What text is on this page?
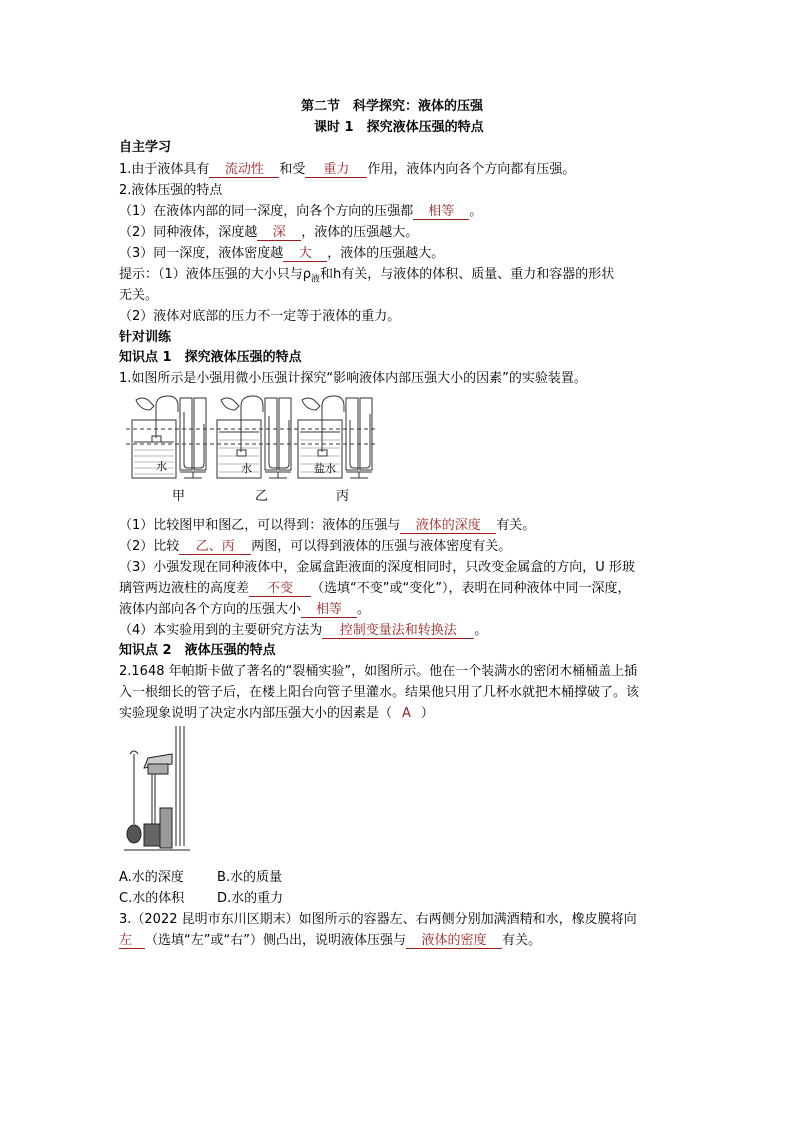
第二节　科学探究：液体的压强
课时 1　探究液体压强的特点
自主学习
1.由于液体具有 流动性 和受 重力 作用，液体内向各个方向都有压强。
2.液体压强的特点
（1）在液体内部的同一深度，向各个方向的压强都 相等 。
（2）同种液体，深度越 深 ，液体的压强越大。
（3）同一深度，液体密度越 大 ，液体的压强越大。
提示：（1）液体压强的大小只与$\rho_液$和h有关，与液体的体积、质量、重力和容器的形状
无关。
（2）液体对底部的压力不一定等于液体的重力。
针对训练
知识点 1　探究液体压强的特点
1.如图所示是小强用微小压强计探究“影响液体内部压强大小的因素”的实验装置。
水	水	盐水
甲	乙	丙
（1）比较图甲和图乙，可以得到：液体的压强与 液体的深度 有关。
（2）比较 乙、丙 两图，可以得到液体的压强与液体密度有关。
（3）小强发现在同种液体中，金属盒距液面的深度相同时，只改变金属盒的方向，U 形玻
璃管两边液柱的高度差 不变 （选填“不变”或“变化”），表明在同种液体中同一深度，
液体内部向各个方向的压强大小 相等 。
（4）本实验用到的主要研究方法为 控制变量法和转换法 。
知识点 2　液体压强的特点
2.1648 年帕斯卡做了著名的“裂桶实验”，如图所示。他在一个装满水的密闭木桶桶盖上插
入一根细长的管子后，在楼上阳台向管子里灌水。结果他只用了几杯水就把木桶撑破了。该
实验现象说明了决定水内部压强大小的因素是（ A ）
A.水的深度	B.水的质量
C.水的体积	D.水的重力
3.（2022 昆明市东川区期末）如图所示的容器左、右两侧分别加满酒精和水，橡皮膜将向
左 （选填“左”或“右”）侧凸出，说明液体压强与 液体的密度 有关。
